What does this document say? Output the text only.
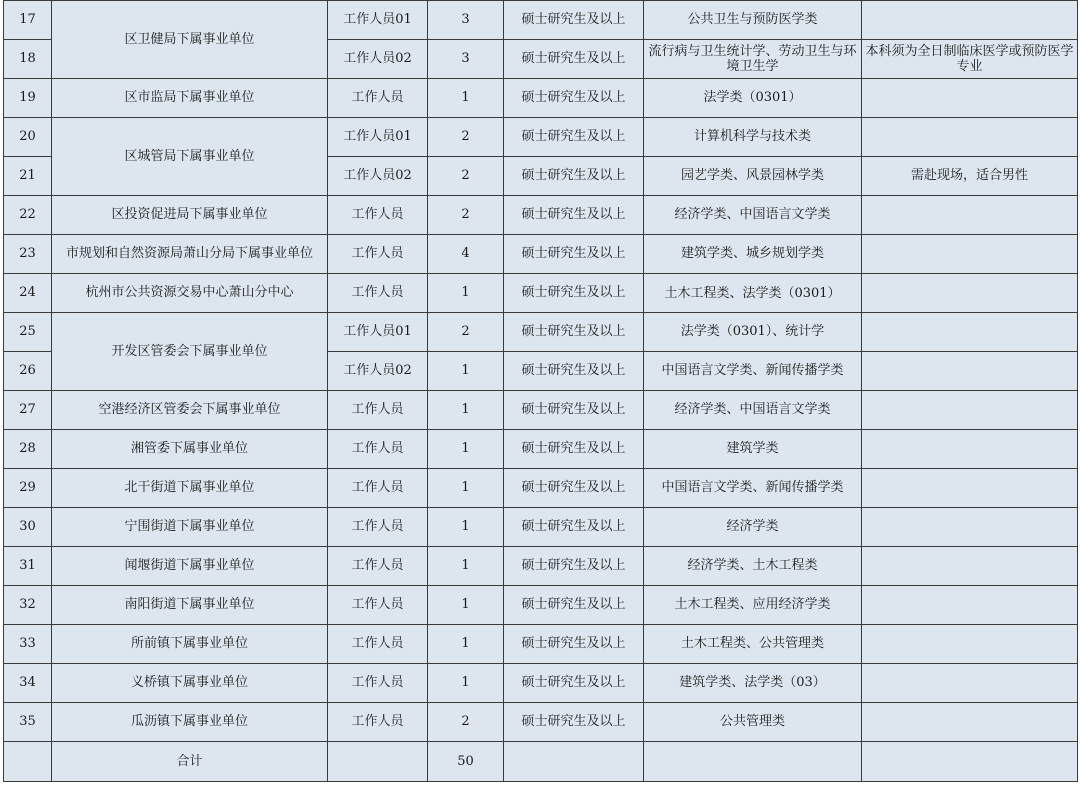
17	区卫健局下属事业单位	工作人员01	3	硕士研究生及以上	公共卫生与预防医学类	
18		工作人员02	3	硕士研究生及以上	流行病与卫生统计学、劳动卫生与环境卫生学	本科须为全日制临床医学或预防医学专业
19	区市监局下属事业单位	工作人员	1	硕士研究生及以上	法学类（0301）	
20	区城管局下属事业单位	工作人员01	2	硕士研究生及以上	计算机科学与技术类	
21		工作人员02	2	硕士研究生及以上	园艺学类、风景园林学类	需赴现场，适合男性
22	区投资促进局下属事业单位	工作人员	2	硕士研究生及以上	经济学类、中国语言文学类	
23	市规划和自然资源局萧山分局下属事业单位	工作人员	4	硕士研究生及以上	建筑学类、城乡规划学类	
24	杭州市公共资源交易中心萧山分中心	工作人员	1	硕士研究生及以上	土木工程类、法学类（0301）	
25	开发区管委会下属事业单位	工作人员01	2	硕士研究生及以上	法学类（0301）、统计学	
26		工作人员02	1	硕士研究生及以上	中国语言文学类、新闻传播学类	
27	空港经济区管委会下属事业单位	工作人员	1	硕士研究生及以上	经济学类、中国语言文学类	
28	湘管委下属事业单位	工作人员	1	硕士研究生及以上	建筑学类	
29	北干街道下属事业单位	工作人员	1	硕士研究生及以上	中国语言文学类、新闻传播学类	
30	宁围街道下属事业单位	工作人员	1	硕士研究生及以上	经济学类	
31	闻堰街道下属事业单位	工作人员	1	硕士研究生及以上	经济学类、土木工程类	
32	南阳街道下属事业单位	工作人员	1	硕士研究生及以上	土木工程类、应用经济学类	
33	所前镇下属事业单位	工作人员	1	硕士研究生及以上	土木工程类、公共管理类	
34	义桥镇下属事业单位	工作人员	1	硕士研究生及以上	建筑学类、法学类（03）	
35	瓜沥镇下属事业单位	工作人员	2	硕士研究生及以上	公共管理类	
	合计		50			
